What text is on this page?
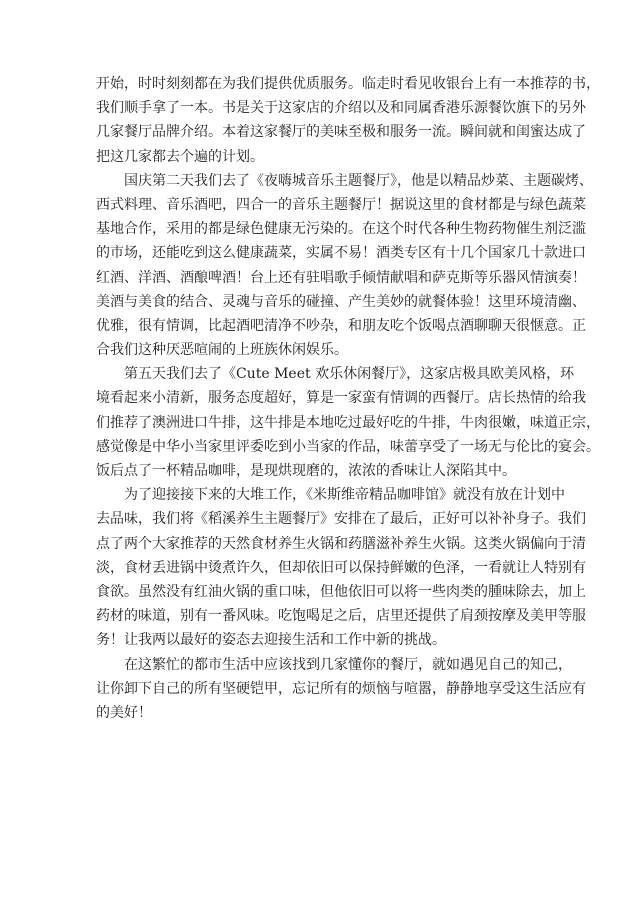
开始，时时刻刻都在为我们提供优质服务。临走时看见收银台上有一本推荐的书，
我们顺手拿了一本。书是关于这家店的介绍以及和同属香港乐源餐饮旗下的另外
几家餐厅品牌介绍。本着这家餐厅的美味至极和服务一流。瞬间就和闺蜜达成了
把这几家都去个遍的计划。
国庆第二天我们去了《夜嗨城音乐主题餐厅》，他是以精品炒菜、主题碳烤、
西式料理、音乐酒吧，四合一的音乐主题餐厅！据说这里的食材都是与绿色蔬菜
基地合作，采用的都是绿色健康无污染的。在这个时代各种生物药物催生剂泛滥
的市场，还能吃到这么健康蔬菜，实属不易！酒类专区有十几个国家几十款进口
红酒、洋酒、酒酿啤酒！台上还有驻唱歌手倾情献唱和萨克斯等乐器风情演奏！
美酒与美食的结合、灵魂与音乐的碰撞、产生美妙的就餐体验！这里环境清幽、
优雅，很有情调，比起酒吧清净不吵杂，和朋友吃个饭喝点酒聊聊天很惬意。正
合我们这种厌恶喧闹的上班族休闲娱乐。
第五天我们去了《Cute Meet 欢乐休闲餐厅》，这家店极具欧美风格，环
境看起来小清新，服务态度超好，算是一家蛮有情调的西餐厅。店长热情的给我
们推荐了澳洲进口牛排，这牛排是本地吃过最好吃的牛排，牛肉很嫩，味道正宗，
感觉像是中华小当家里评委吃到小当家的作品，味蕾享受了一场无与伦比的宴会。
饭后点了一杯精品咖啡，是现烘现磨的，浓浓的香味让人深陷其中。
为了迎接接下来的大堆工作，《米斯维帝精品咖啡馆》就没有放在计划中
去品味，我们将《稻溪养生主题餐厅》安排在了最后，正好可以补补身子。我们
点了两个大家推荐的天然食材养生火锅和药膳滋补养生火锅。这类火锅偏向于清
淡，食材丢进锅中烫煮许久，但却依旧可以保持鲜嫩的色泽，一看就让人特别有
食欲。虽然没有红油火锅的重口味，但他依旧可以将一些肉类的腫味除去，加上
药材的味道，别有一番风味。吃饱喝足之后，店里还提供了肩颈按摩及美甲等服
务！让我两以最好的姿态去迎接生活和工作中新的挑战。
在这繁忙的都市生活中应该找到几家懂你的餐厅，就如遇见自己的知己，
让你卸下自己的所有坚硬铠甲，忘记所有的烦恼与喧嚣，静静地享受这生活应有
的美好！
